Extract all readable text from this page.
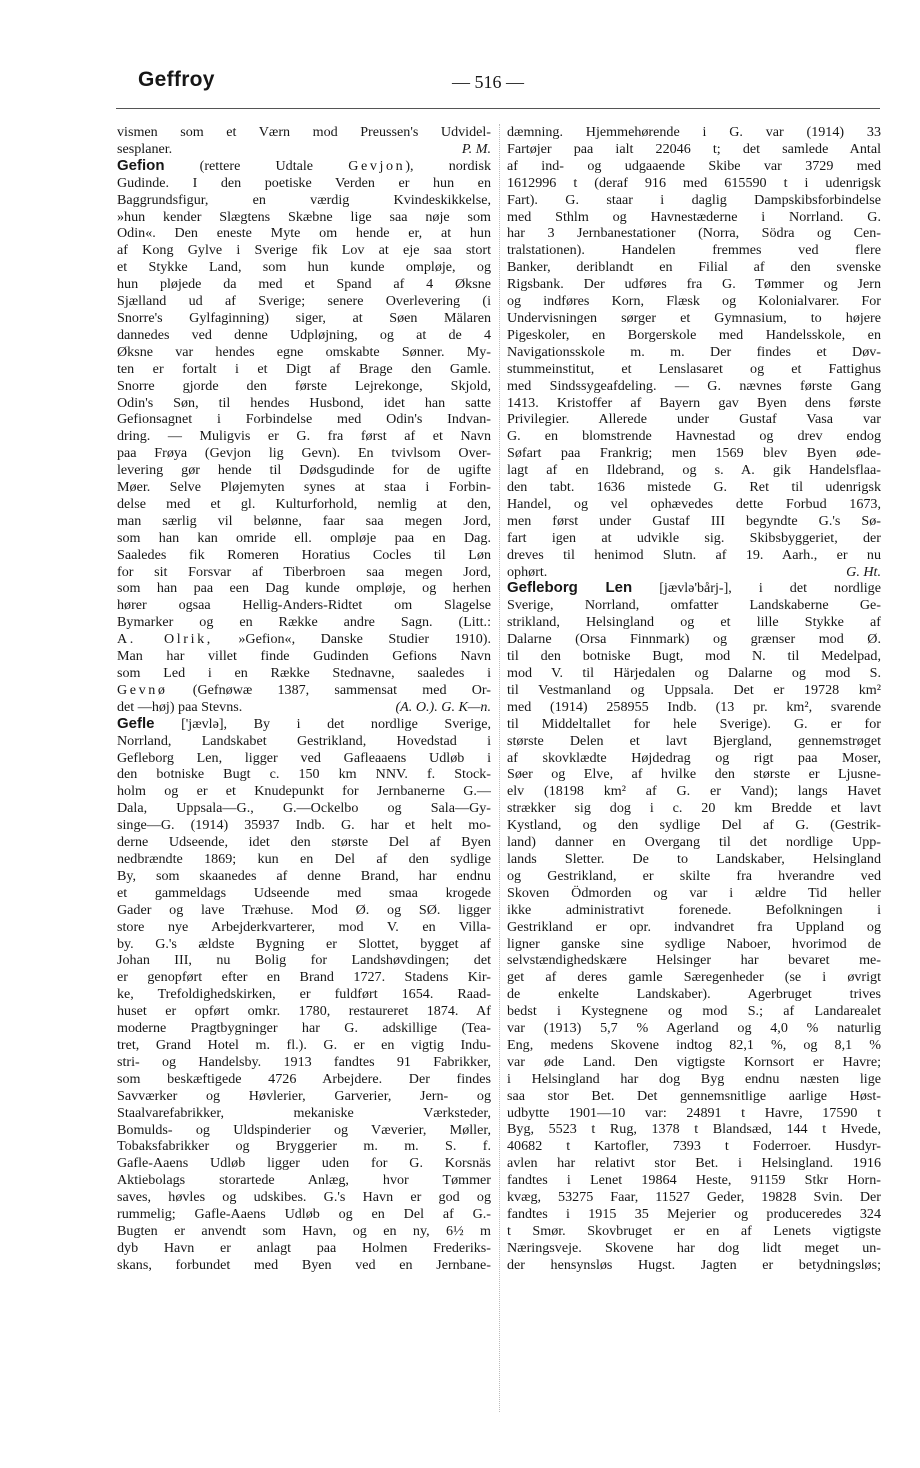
Geffroy	— 516 —
vismen som et Værn mod Preussen's Udvidel-
sesplaner.	P. M.
Gefion (rettere Udtale Gevjon), nordisk
Gudinde. I den poetiske Verden er hun en
Baggrundsfigur, en værdig Kvindeskikkelse,
»hun kender Slægtens Skæbne lige saa nøje som
Odin«. Den eneste Myte om hende er, at hun
af Kong Gylve i Sverige fik Lov at eje saa stort
et Stykke Land, som hun kunde ompløje, og
hun pløjede da med et Spand af 4 Øksne
Sjælland ud af Sverige; senere Overlevering (i
Snorre's Gylfaginning) siger, at Søen Mälaren
dannedes ved denne Udpløjning, og at de 4
Øksne var hendes egne omskabte Sønner. My-
ten er fortalt i et Digt af Brage den Gamle.
Snorre gjorde den første Lejrekonge, Skjold,
Odin's Søn, til hendes Husbond, idet han satte
Gefionsagnet i Forbindelse med Odin's Indvan-
dring. — Muligvis er G. fra først af et Navn
paa Frøya (Gevjon lig Gevn). En tvivlsom Over-
levering gør hende til Dødsgudinde for de ugifte
Møer. Selve Pløjemyten synes at staa i Forbin-
delse med et gl. Kulturforhold, nemlig at den,
man særlig vil belønne, faar saa megen Jord,
som han kan omride ell. ompløje paa en Dag.
Saaledes fik Romeren Horatius Cocles til Løn
for sit Forsvar af Tiberbroen saa megen Jord,
som han paa een Dag kunde ompløje, og herhen
hører ogsaa Hellig-Anders-Ridtet om Slagelse
Bymarker og en Række andre Sagn. (Litt.:
A. Olrik, »Gefion«, Danske Studier 1910).
Man har villet finde Gudinden Gefions Navn
som Led i en Række Stednavne, saaledes i
Gevnø (Gefnøwæ 1387, sammensat med Or-
det —høj) paa Stevns.	(A. O.). G. K—n.
Gefle ['jævlə], By i det nordlige Sverige,
Norrland, Landskabet Gestrikland, Hovedstad i
Gefleborg Len, ligger ved Gafleaaens Udløb i
den botniske Bugt c. 150 km NNV. f. Stock-
holm og er et Knudepunkt for Jernbanerne G.—
Dala, Uppsala—G., G.—Ockelbo og Sala—Gy-
singe—G. (1914) 35937 Indb. G. har et helt mo-
derne Udseende, idet den største Del af Byen
nedbrændte 1869; kun en Del af den sydlige
By, som skaanedes af denne Brand, har endnu
et gammeldags Udseende med smaa krogede
Gader og lave Træhuse. Mod Ø. og SØ. ligger
store nye Arbejderkvarterer, mod V. en Villa-
by. G.'s ældste Bygning er Slottet, bygget af
Johan III, nu Bolig for Landshøvdingen; det
er genopført efter en Brand 1727. Stadens Kir-
ke, Trefoldighedskirken, er fuldført 1654. Raad-
huset er opført omkr. 1780, restaureret 1874. Af
moderne Pragtbygninger har G. adskillige (Tea-
tret, Grand Hotel m. fl.). G. er en vigtig Indu-
stri- og Handelsby. 1913 fandtes 91 Fabrikker,
som beskæftigede 4726 Arbejdere. Der findes
Savværker og Høvlerier, Garverier, Jern- og
Staalvarefabrikker, mekaniske Værksteder,
Bomulds- og Uldspinderier og Væverier, Møller,
Tobaksfabrikker og Bryggerier m. m. S. f.
Gafle-Aaens Udløb ligger uden for G. Korsnäs
Aktiebolags storartede Anlæg, hvor Tømmer
saves, høvles og udskibes. G.'s Havn er god og
rummelig; Gafle-Aaens Udløb og en Del af G.-
Bugten er anvendt som Havn, og en ny, 6½ m
dyb Havn er anlagt paa Holmen Frederiks-
skans, forbundet med Byen ved en Jernbane-
dæmning. Hjemmehørende i G. var (1914) 33
Fartøjer paa ialt 22046 t; det samlede Antal
af ind- og udgaaende Skibe var 3729 med
1612996 t (deraf 916 med 615590 t i udenrigsk
Fart). G. staar i daglig Dampskibsforbindelse
med Sthlm og Havnestæderne i Norrland. G.
har 3 Jernbanestationer (Norra, Södra og Cen-
tralstationen). Handelen fremmes ved flere
Banker, deriblandt en Filial af den svenske
Rigsbank. Der udføres fra G. Tømmer og Jern
og indføres Korn, Flæsk og Kolonialvarer. For
Undervisningen sørger et Gymnasium, to højere
Pigeskoler, en Borgerskole med Handelsskole, en
Navigationsskole m. m. Der findes et Døv-
stummeinstitut, et Lenslasaret og et Fattighus
med Sindssygeafdeling. — G. nævnes første Gang
1413. Kristoffer af Bayern gav Byen dens første
Privilegier. Allerede under Gustaf Vasa var
G. en blomstrende Havnestad og drev endog
Søfart paa Frankrig; men 1569 blev Byen øde-
lagt af en Ildebrand, og s. A. gik Handelsflaa-
den tabt. 1636 mistede G. Ret til udenrigsk
Handel, og vel ophævedes dette Forbud 1673,
men først under Gustaf III begyndte G.'s Sø-
fart igen at udvikle sig. Skibsbyggeriet, der
dreves til henimod Slutn. af 19. Aarh., er nu
ophørt.	G. Ht.
Gefleborg Len [jævlə'bårj-], i det nordlige
Sverige, Norrland, omfatter Landskaberne Ge-
strikland, Helsingland og et lille Stykke af
Dalarne (Orsa Finnmark) og grænser mod Ø.
til den botniske Bugt, mod N. til Medelpad,
mod V. til Härjedalen og Dalarne og mod S.
til Vestmanland og Uppsala. Det er 19728 km²
med (1914) 258955 Indb. (13 pr. km², svarende
til Middeltallet for hele Sverige). G. er for
største Delen et lavt Bjergland, gennemstrøget
af skovklædte Højdedrag og rigt paa Moser,
Søer og Elve, af hvilke den største er Ljusne-
elv (18198 km² af G. er Vand); langs Havet
strækker sig dog i c. 20 km Bredde et lavt
Kystland, og den sydlige Del af G. (Gestrik-
land) danner en Overgang til det nordlige Upp-
lands Sletter. De to Landskaber, Helsingland
og Gestrikland, er skilte fra hverandre ved
Skoven Ödmorden og var i ældre Tid heller
ikke administrativt forenede. Befolkningen i
Gestrikland er opr. indvandret fra Uppland og
ligner ganske sine sydlige Naboer, hvorimod de
selvstændighedskære Helsinger har bevaret me-
get af deres gamle Særegenheder (se i øvrigt
de enkelte Landskaber). Agerbruget trives
bedst i Kystegnene og mod S.; af Landarealet
var (1913) 5,7 % Agerland og 4,0 % naturlig
Eng, medens Skovene indtog 82,1 %, og 8,1 %
var øde Land. Den vigtigste Kornsort er Havre;
i Helsingland har dog Byg endnu næsten lige
saa stor Bet. Det gennemsnitlige aarlige Høst-
udbytte 1901—10 var: 24891 t Havre, 17590 t
Byg, 5523 t Rug, 1378 t Blandsæd, 144 t Hvede,
40682 t Kartofler, 7393 t Foderroer. Husdyr-
avlen har relativt stor Bet. i Helsingland. 1916
fandtes i Lenet 19864 Heste, 91159 Stkr Horn-
kvæg, 53275 Faar, 11527 Geder, 19828 Svin. Der
fandtes i 1915 35 Mejerier og produceredes 324
t Smør. Skovbruget er en af Lenets vigtigste
Næringsveje. Skovene har dog lidt meget un-
der hensynsløs Hugst. Jagten er betydningsløs;
